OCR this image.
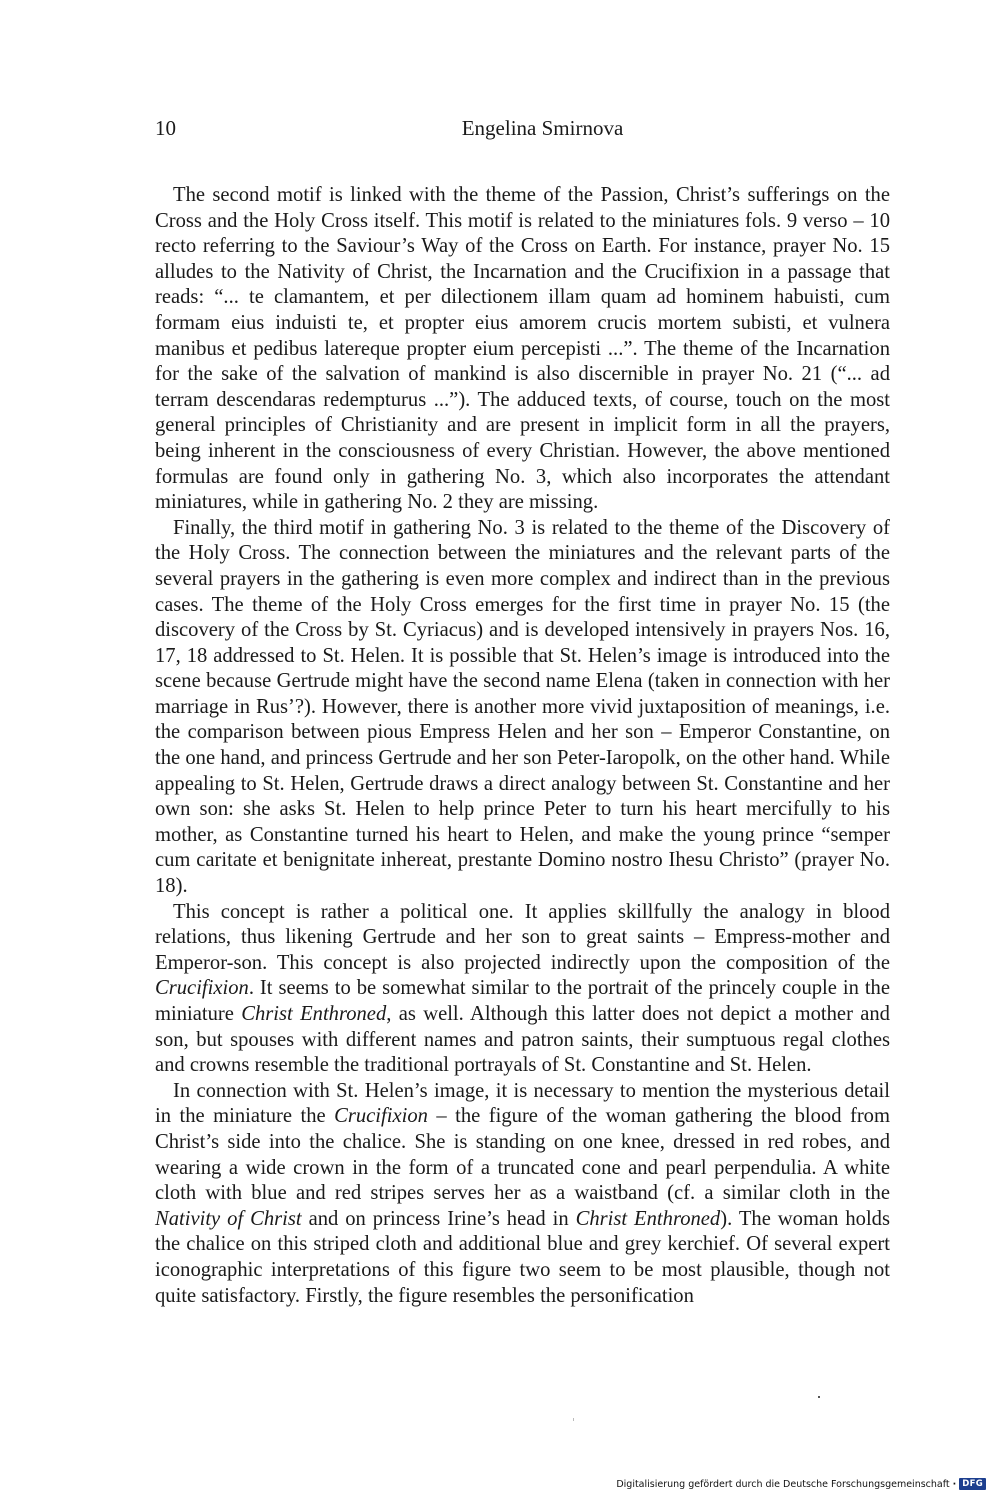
10	Engelina Smirnova

The second motif is linked with the theme of the Passion, Christ’s sufferings on the Cross and the Holy Cross itself. This motif is related to the miniatures fols. 9 verso – 10 recto referring to the Saviour’s Way of the Cross on Earth. For instance, prayer No. 15 alludes to the Nativity of Christ, the Incarnation and the Crucifixion in a passage that reads: “... te clamantem, et per dilectionem illam quam ad hominem habuisti, cum formam eius induisti te, et propter eius amorem crucis mortem subisti, et vulnera manibus et pedibus latereque propter eium percepisti ...”. The theme of the Incarnation for the sake of the salvation of mankind is also discernible in prayer No. 21 (“... ad terram descendaras redempturus ...”). The adduced texts, of course, touch on the most general principles of Christianity and are present in implicit form in all the prayers, being inherent in the consciousness of every Christian. However, the above mentioned formulas are found only in gathering No. 3, which also incorporates the attendant miniatures, while in gathering No. 2 they are missing.

Finally, the third motif in gathering No. 3 is related to the theme of the Discovery of the Holy Cross. The connection between the miniatures and the relevant parts of the several prayers in the gathering is even more complex and indirect than in the previous cases. The theme of the Holy Cross emerges for the first time in prayer No. 15 (the discovery of the Cross by St. Cyriacus) and is developed intensively in prayers Nos. 16, 17, 18 addressed to St. Helen. It is possible that St. Helen’s image is introduced into the scene because Gertrude might have the second name Elena (taken in connection with her marriage in Rus’?). However, there is another more vivid juxtaposition of meanings, i.e. the comparison between pious Empress Helen and her son – Emperor Constantine, on the one hand, and princess Gertrude and her son Peter-Iaropolk, on the other hand. While appealing to St. Helen, Gertrude draws a direct analogy between St. Constantine and her own son: she asks St. Helen to help prince Peter to turn his heart mercifully to his mother, as Constantine turned his heart to Helen, and make the young prince “semper cum caritate et benignitate inhereat, prestante Domino nostro Ihesu Christo” (prayer No. 18).

This concept is rather a political one. It applies skillfully the analogy in blood relations, thus likening Gertrude and her son to great saints – Empress-mother and Emperor-son. This concept is also projected indirectly upon the composition of the Crucifixion. It seems to be somewhat similar to the portrait of the princely couple in the miniature Christ Enthroned, as well. Although this latter does not depict a mother and son, but spouses with different names and patron saints, their sumptuous regal clothes and crowns resemble the traditional portrayals of St. Constantine and St. Helen.

In connection with St. Helen’s image, it is necessary to mention the mysterious detail in the miniature the Crucifixion – the figure of the woman gathering the blood from Christ’s side into the chalice. She is standing on one knee, dressed in red robes, and wearing a wide crown in the form of a truncated cone and pearl perpendulia. A white cloth with blue and red stripes serves her as a waistband (cf. a similar cloth in the Nativity of Christ and on princess Irine’s head in Christ Enthroned). The woman holds the chalice on this striped cloth and additional blue and grey kerchief. Of several expert iconographic interpretations of this figure two seem to be most plausible, though not quite satisfactory. Firstly, the figure resembles the personification

Digitalisierung gefördert durch die Deutsche Forschungsgemeinschaft · DFG
